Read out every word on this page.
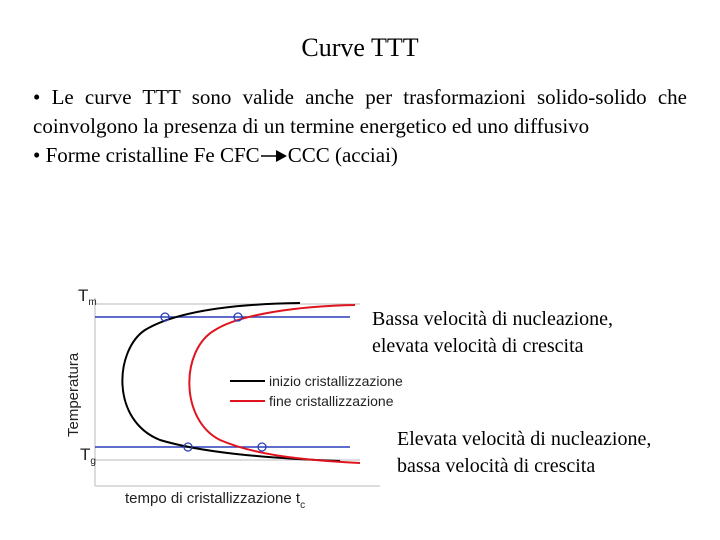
Curve TTT

• Le curve TTT sono valide anche per trasformazioni solido-solido che coinvolgono la presenza di un termine energetico ed uno diffusivo

• Forme cristalline Fe CFC CCC (acciai)

$T_m$
$T_g$
Temperatura
tempo di cristallizzazione $t_c$
inizio cristallizzazione
fine cristallizzazione
Bassa velocità di nucleazione,
elevata velocità di crescita
Elevata velocità di nucleazione,
bassa velocità di crescita
